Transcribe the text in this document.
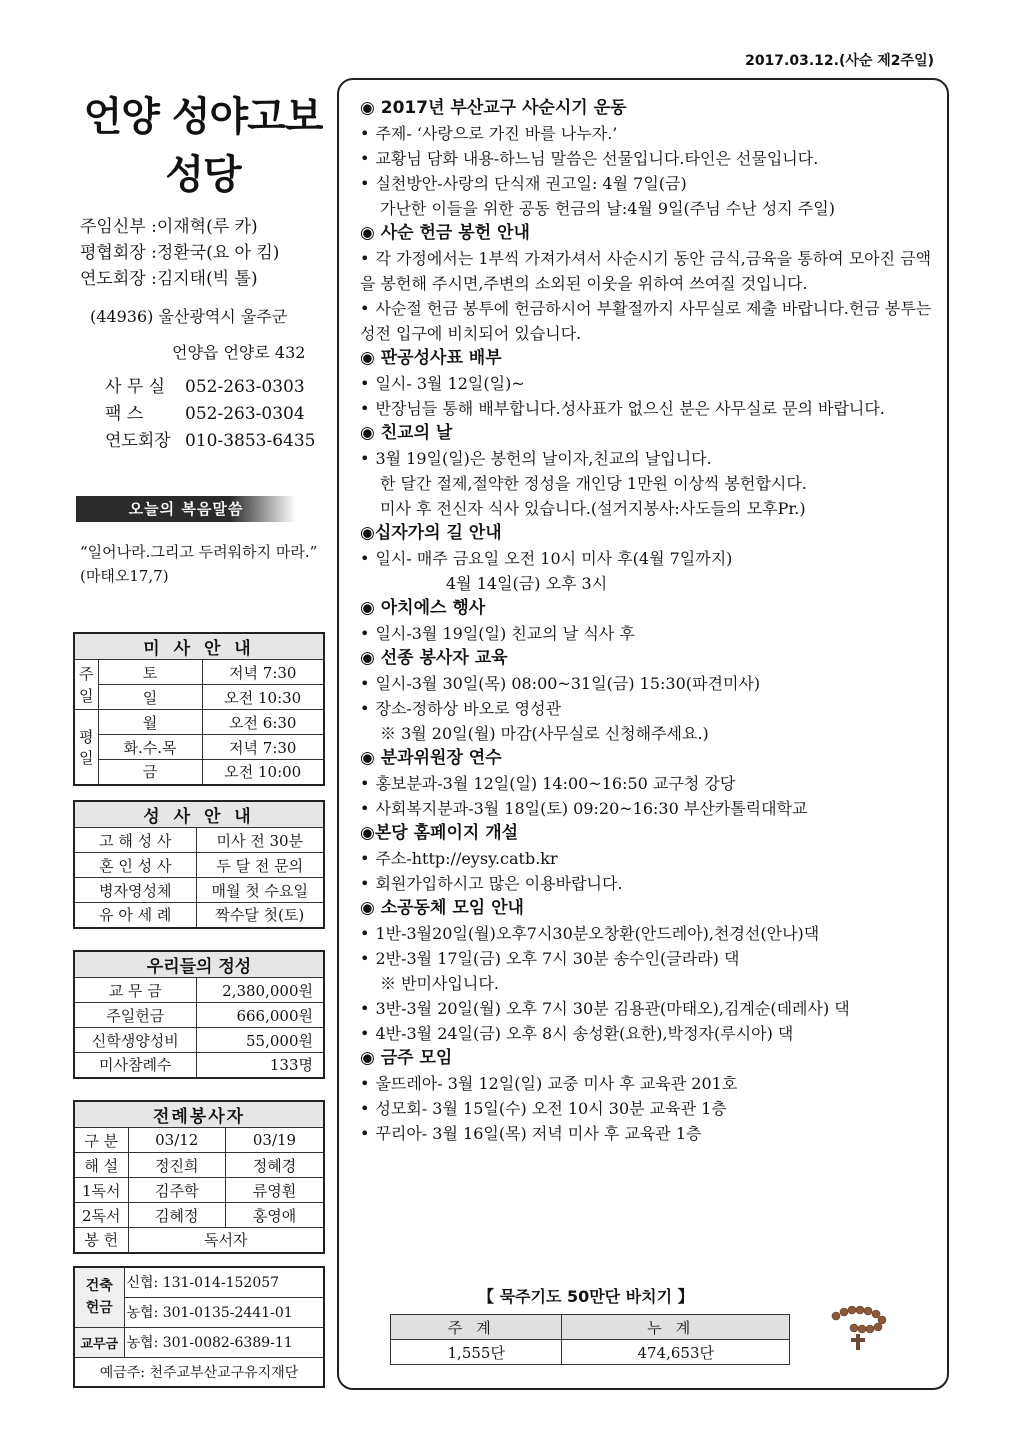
2017.03.12.(사순 제2주일)
언양 성야고보
성당
주임신부 :이재혁(루 카)
평협회장 :정환국(요 아 킴)
연도회장 :김지태(빅 톨)
(44936) 울산광역시 울주군
언양읍 언양로 432
사 무 실	052-263-0303
팩 스	052-263-0304
연도회장 010-3853-6435
오늘의 복음말씀
“일어나라.그리고 두려워하지 마라.” (마태오17,7)
미 사 안 내		
주일	토	저녁 7:30
	일	오전 10:30
평일	월	오전 6:30
	화.수.목	저녁 7:30
	금	오전 10:00
성 사 안 내	
고 해 성 사	미사 전 30분
혼 인 성 사	두 달 전 문의
병자영성체	매월 첫 수요일
유 아 세 례	짝수달 첫(토)
우리들의 정성	
교 무 금	2,380,000원
주일헌금	666,000원
신학생양성비	55,000원
미사참례수	133명
전례봉사자		
구 분	03/12	03/19
해 설	정진희	정혜경
1독서	김주학	류영훤
2독서	김혜정	홍영애
봉 헌	독서자	
건축 헌금	신협: 131-014-152057
	농협: 301-0135-2441-01
교무금	농협: 301-0082-6389-11
예금주: 천주교부산교구유지재단	
◉ 2017년 부산교구 사순시기 운동
• 주제- ‘사랑으로 가진 바를 나누자.’
• 교황님 담화 내용-하느님 말씀은 선물입니다.타인은 선물입니다.
• 실천방안-사랑의 단식재 권고일: 4월 7일(금)
가난한 이들을 위한 공동 헌금의 날:4월 9일(주님 수난 성지 주일)
◉ 사순 헌금 봉헌 안내
• 각 가정에서는 1부씩 가져가셔서 사순시기 동안 금식,금육을 통하여 모아진 금액을 봉헌해 주시면,주변의 소외된 이웃을 위하여 쓰여질 것입니다.
• 사순절 헌금 봉투에 헌금하시어 부활절까지 사무실로 제출 바랍니다.헌금 봉투는 성전 입구에 비치되어 있습니다.
◉ 판공성사표 배부
• 일시- 3월 12일(일)~
• 반장님들 통해 배부합니다.성사표가 없으신 분은 사무실로 문의 바랍니다.
◉ 친교의 날
• 3월 19일(일)은 봉헌의 날이자,친교의 날입니다.
한 달간 절제,절약한 정성을 개인당 1만원 이상씩 봉헌합시다.
미사 후 전신자 식사 있습니다.(설거지봉사:사도들의 모후Pr.)
◉십자가의 길 안내
• 일시- 매주 금요일 오전 10시 미사 후(4월 7일까지)
4월 14일(금) 오후 3시
◉ 아치에스 행사
• 일시-3월 19일(일) 친교의 날 식사 후
◉ 선종 봉사자 교육
• 일시-3월 30일(목) 08:00~31일(금) 15:30(파견미사)
• 장소-정하상 바오로 영성관
※ 3월 20일(월) 마감(사무실로 신청해주세요.)
◉ 분과위원장 연수
• 홍보분과-3월 12일(일) 14:00~16:50 교구청 강당
• 사회복지분과-3월 18일(토) 09:20~16:30 부산카톨릭대학교
◉본당 홈페이지 개설
• 주소-http://eysy.catb.kr
• 회원가입하시고 많은 이용바랍니다.
◉ 소공동체 모임 안내
• 1반-3월20일(월)오후7시30분오창환(안드레아),천경선(안나)댁
• 2반-3월 17일(금) 오후 7시 30분 송수인(글라라) 댁
※ 반미사입니다.
• 3반-3월 20일(월) 오후 7시 30분 김용관(마태오),김계순(데레사) 댁
• 4반-3월 24일(금) 오후 8시 송성환(요한),박정자(루시아) 댁
◉ 금주 모임
• 울뜨레아- 3월 12일(일) 교중 미사 후 교육관 201호
• 성모회- 3월 15일(수) 오전 10시 30분 교육관 1층
• 꾸리아- 3월 16일(목) 저녁 미사 후 교육관 1층
【 묵주기도 50만단 바치기 】
주계	누계
1,555단	474,653단
